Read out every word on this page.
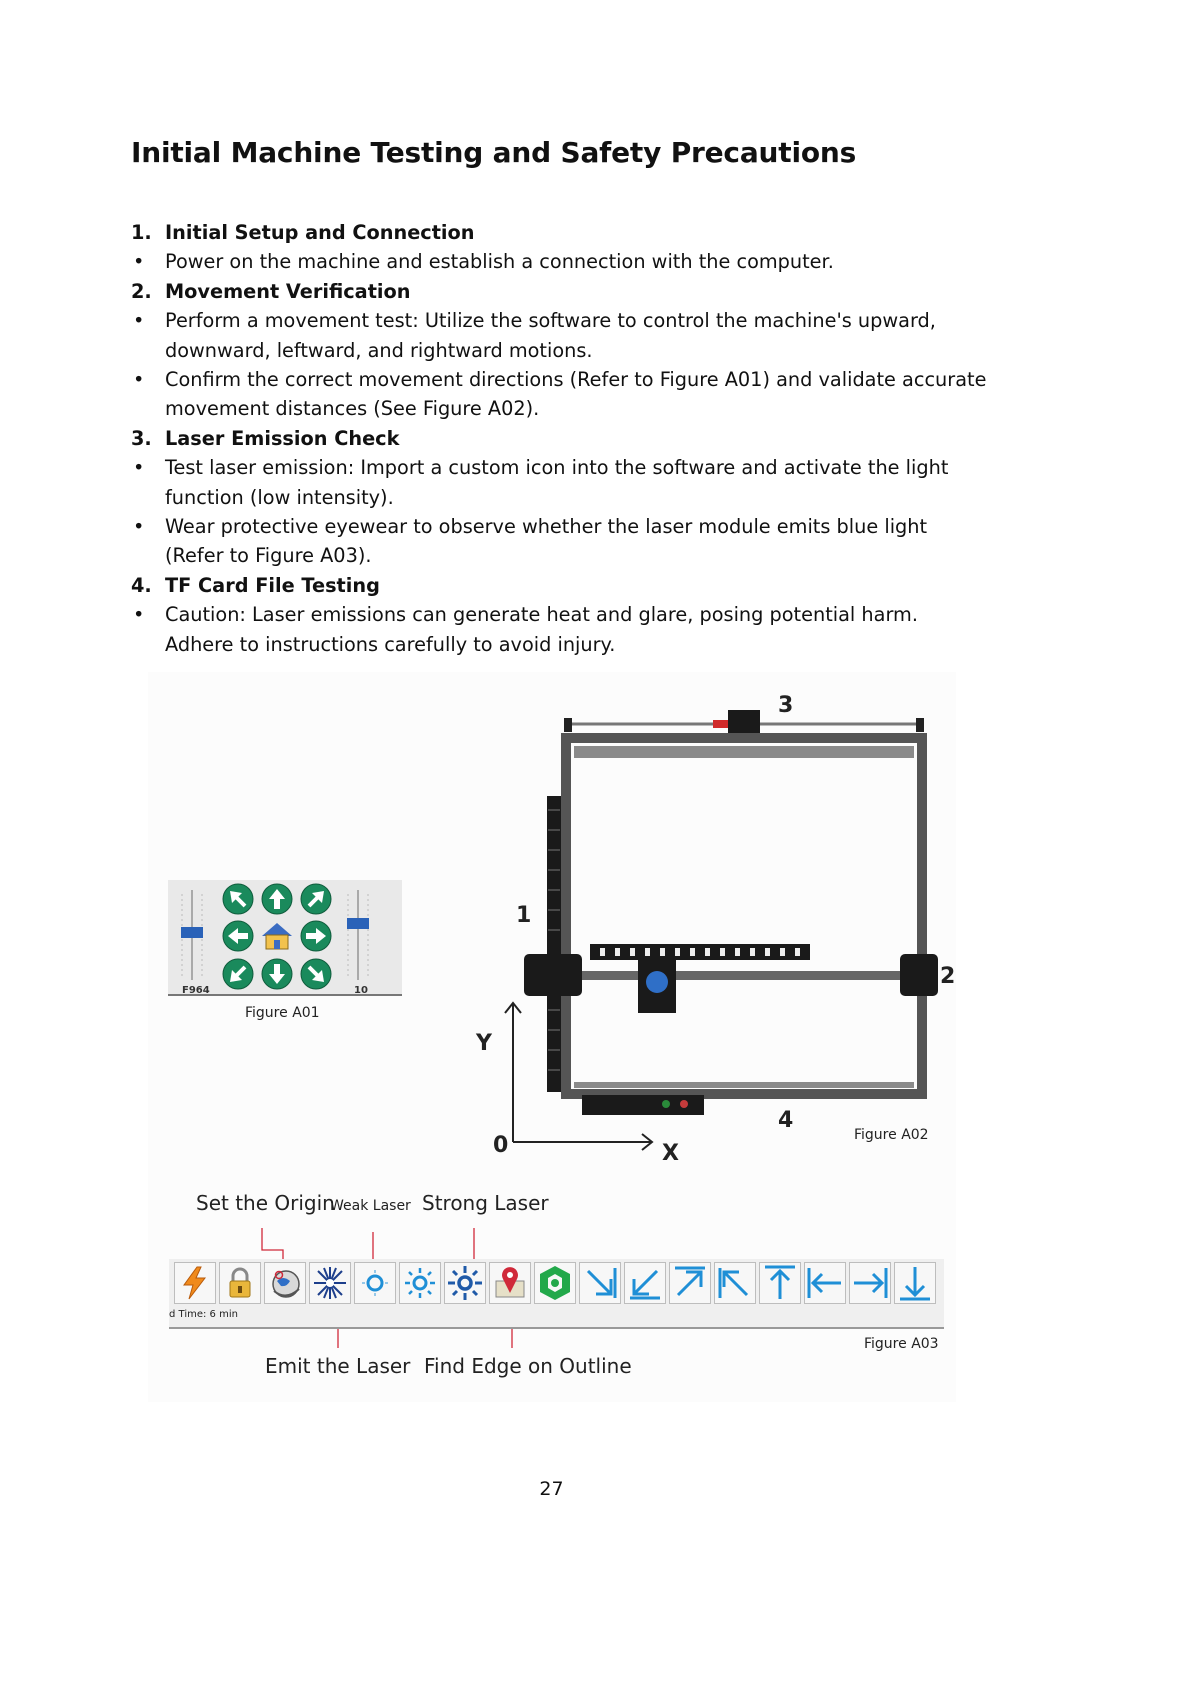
Initial Machine Testing and Safety Precautions
1. Initial Setup and Connection
• Power on the machine and establish a connection with the computer.
2. Movement Verification
• Perform a movement test: Utilize the software to control the machine's upward, downward, leftward, and rightward motions.
• Confirm the correct movement directions (Refer to Figure A01) and validate accurate movement distances (See Figure A02).
3. Laser Emission Check
• Test laser emission: Import a custom icon into the software and activate the light function (low intensity).
• Wear protective eyewear to observe whether the laser module emits blue light (Refer to Figure A03).
4. TF Card File Testing
• Caution: Laser emissions can generate heat and glare, posing potential harm. Adhere to instructions carefully to avoid injury.
F964	10
Figure A01
3
1
2
4
Y
X
0	Figure A02
Set the Origin
Weak Laser Strong Laser
d Time: 6 min
Figure A03
Emit the Laser Find Edge on Outline
27
